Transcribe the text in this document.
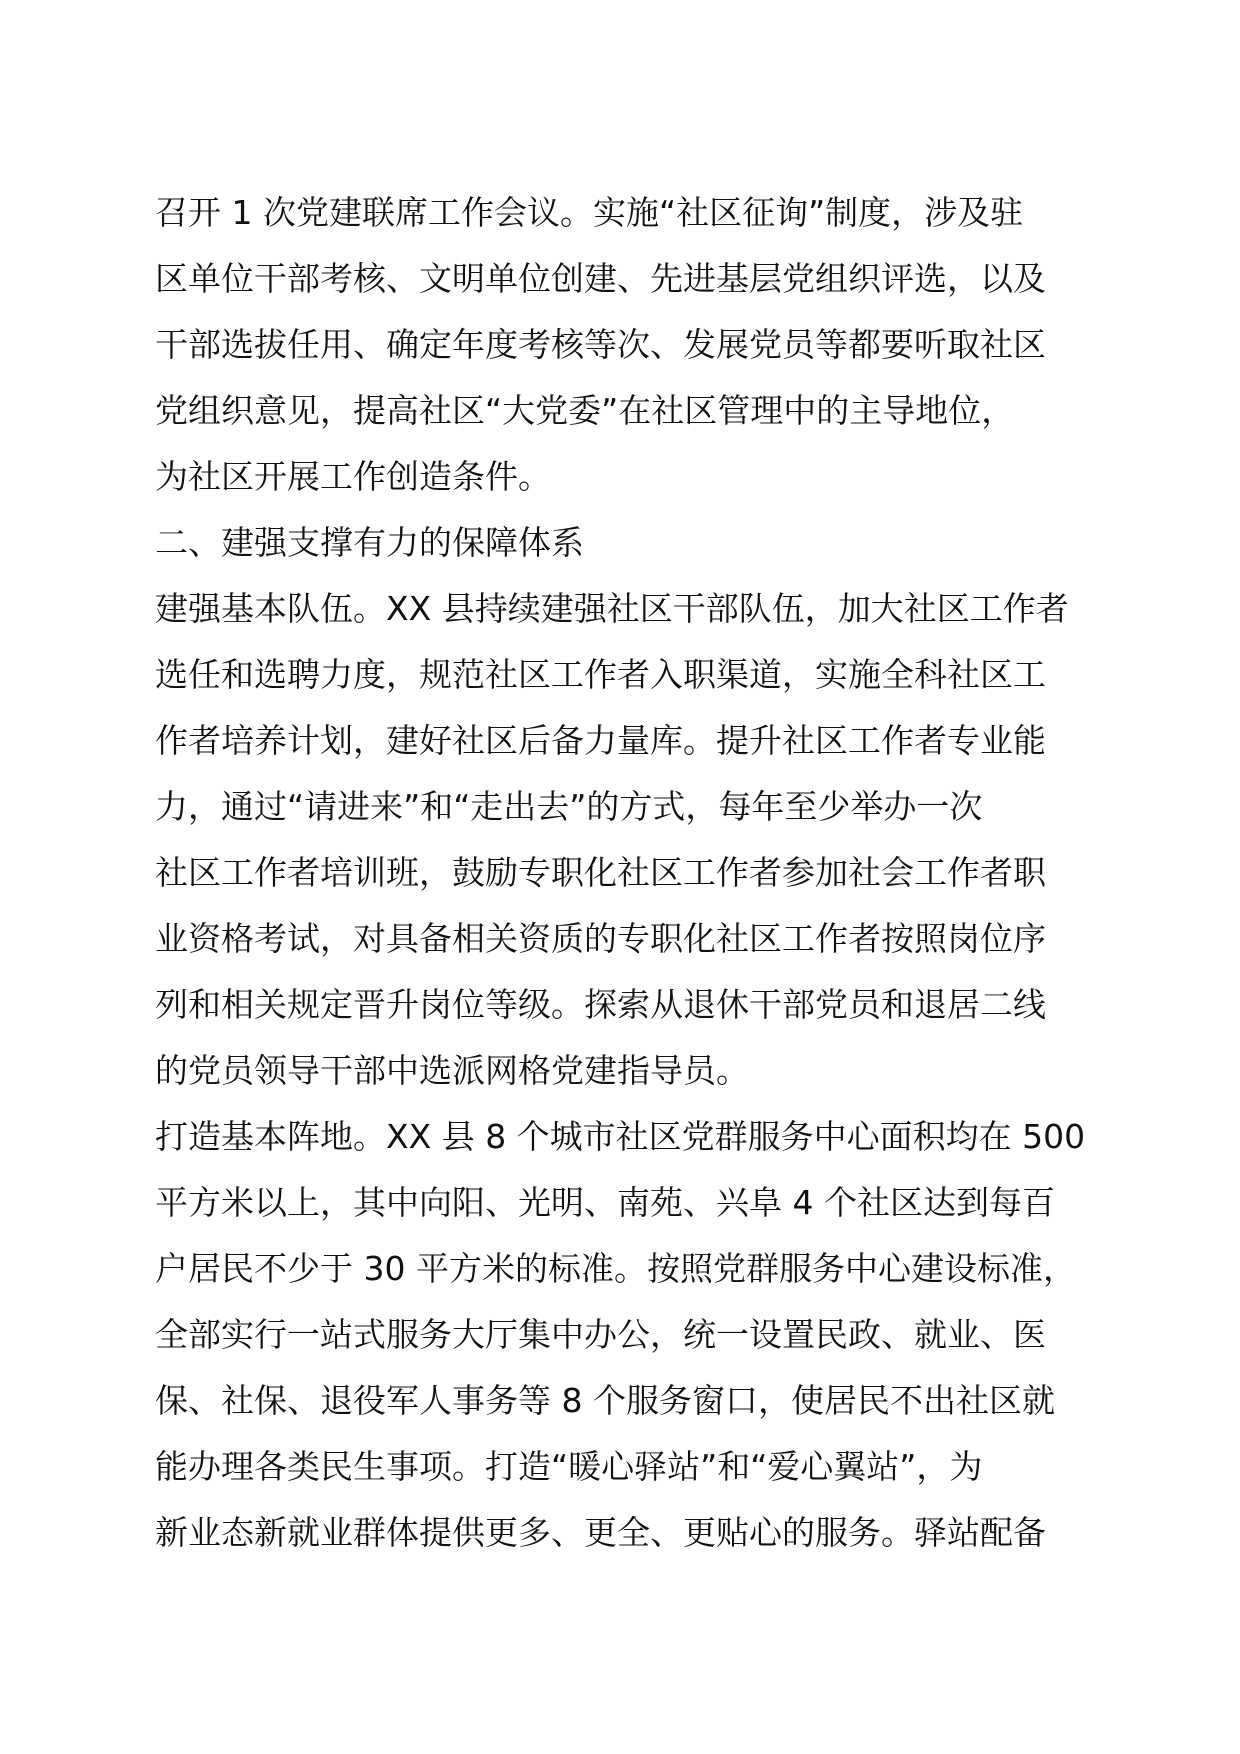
召开 1 次党建联席工作会议。实施“社区征询”制度，涉及驻
区单位干部考核、文明单位创建、先进基层党组织评选，以及
干部选拔任用、确定年度考核等次、发展党员等都要听取社区
党组织意见，提高社区“大党委”在社区管理中的主导地位，
为社区开展工作创造条件。
二、建强支撑有力的保障体系
建强基本队伍。XX 县持续建强社区干部队伍，加大社区工作者
选任和选聘力度，规范社区工作者入职渠道，实施全科社区工
作者培养计划，建好社区后备力量库。提升社区工作者专业能
力，通过“请进来”和“走出去”的方式，每年至少举办一次
社区工作者培训班，鼓励专职化社区工作者参加社会工作者职
业资格考试，对具备相关资质的专职化社区工作者按照岗位序
列和相关规定晋升岗位等级。探索从退休干部党员和退居二线
的党员领导干部中选派网格党建指导员。
打造基本阵地。XX 县 8 个城市社区党群服务中心面积均在 500
平方米以上，其中向阳、光明、南苑、兴阜 4 个社区达到每百
户居民不少于 30 平方米的标准。按照党群服务中心建设标准，
全部实行一站式服务大厅集中办公，统一设置民政、就业、医
保、社保、退役军人事务等 8 个服务窗口，使居民不出社区就
能办理各类民生事项。打造“暖心驿站”和“爱心翼站”，为
新业态新就业群体提供更多、更全、更贴心的服务。驿站配备
